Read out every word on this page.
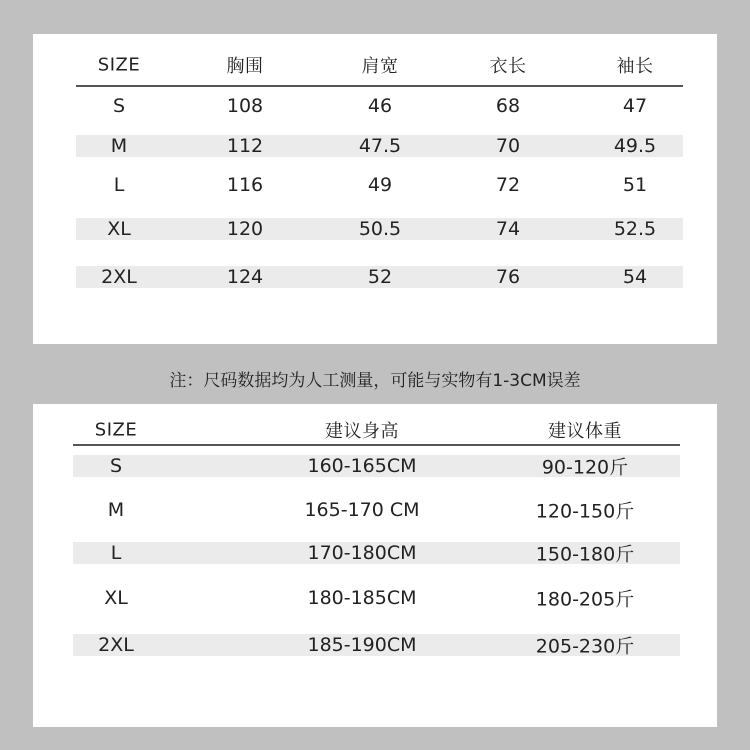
SIZE	胸围	肩宽	衣长	袖长
S	108	46	68	47
M	112	47.5	70	49.5
L	116	49	72	51
XL	120	50.5	74	52.5
2XL	124	52	76	54
注：尺码数据均为人工测量，可能与实物有1-3CM误差
SIZE	建议身高	建议体重
S	160-165CM	90-120斤
M	165-170 CM	120-150斤
L	170-180CM	150-180斤
XL	180-185CM	180-205斤
2XL	185-190CM	205-230斤
